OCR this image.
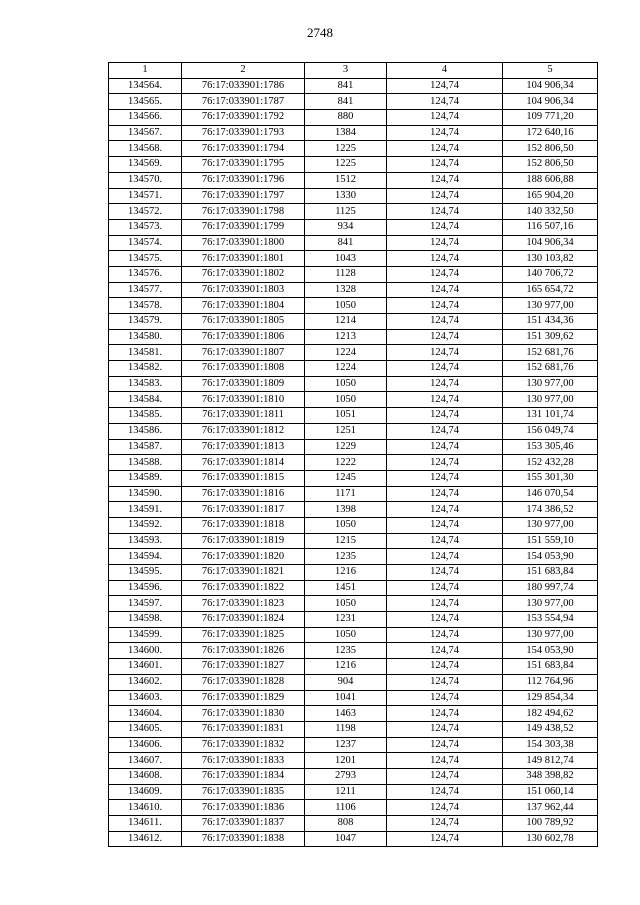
2748
1	2	3	4	5
134564.	76:17:033901:1786	841	124,74	104 906,34
134565.	76:17:033901:1787	841	124,74	104 906,34
134566.	76:17:033901:1792	880	124,74	109 771,20
134567.	76:17:033901:1793	1384	124,74	172 640,16
134568.	76:17:033901:1794	1225	124,74	152 806,50
134569.	76:17:033901:1795	1225	124,74	152 806,50
134570.	76:17:033901:1796	1512	124,74	188 606,88
134571.	76:17:033901:1797	1330	124,74	165 904,20
134572.	76:17:033901:1798	1125	124,74	140 332,50
134573.	76:17:033901:1799	934	124,74	116 507,16
134574.	76:17:033901:1800	841	124,74	104 906,34
134575.	76:17:033901:1801	1043	124,74	130 103,82
134576.	76:17:033901:1802	1128	124,74	140 706,72
134577.	76:17:033901:1803	1328	124,74	165 654,72
134578.	76:17:033901:1804	1050	124,74	130 977,00
134579.	76:17:033901:1805	1214	124,74	151 434,36
134580.	76:17:033901:1806	1213	124,74	151 309,62
134581.	76:17:033901:1807	1224	124,74	152 681,76
134582.	76:17:033901:1808	1224	124,74	152 681,76
134583.	76:17:033901:1809	1050	124,74	130 977,00
134584.	76:17:033901:1810	1050	124,74	130 977,00
134585.	76:17:033901:1811	1051	124,74	131 101,74
134586.	76:17:033901:1812	1251	124,74	156 049,74
134587.	76:17:033901:1813	1229	124,74	153 305,46
134588.	76:17:033901:1814	1222	124,74	152 432,28
134589.	76:17:033901:1815	1245	124,74	155 301,30
134590.	76:17:033901:1816	1171	124,74	146 070,54
134591.	76:17:033901:1817	1398	124,74	174 386,52
134592.	76:17:033901:1818	1050	124,74	130 977,00
134593.	76:17:033901:1819	1215	124,74	151 559,10
134594.	76:17:033901:1820	1235	124,74	154 053,90
134595.	76:17:033901:1821	1216	124,74	151 683,84
134596.	76:17:033901:1822	1451	124,74	180 997,74
134597.	76:17:033901:1823	1050	124,74	130 977,00
134598.	76:17:033901:1824	1231	124,74	153 554,94
134599.	76:17:033901:1825	1050	124,74	130 977,00
134600.	76:17:033901:1826	1235	124,74	154 053,90
134601.	76:17:033901:1827	1216	124,74	151 683,84
134602.	76:17:033901:1828	904	124,74	112 764,96
134603.	76:17:033901:1829	1041	124,74	129 854,34
134604.	76:17:033901:1830	1463	124,74	182 494,62
134605.	76:17:033901:1831	1198	124,74	149 438,52
134606.	76:17:033901:1832	1237	124,74	154 303,38
134607.	76:17:033901:1833	1201	124,74	149 812,74
134608.	76:17:033901:1834	2793	124,74	348 398,82
134609.	76:17:033901:1835	1211	124,74	151 060,14
134610.	76:17:033901:1836	1106	124,74	137 962,44
134611.	76:17:033901:1837	808	124,74	100 789,92
134612.	76:17:033901:1838	1047	124,74	130 602,78
